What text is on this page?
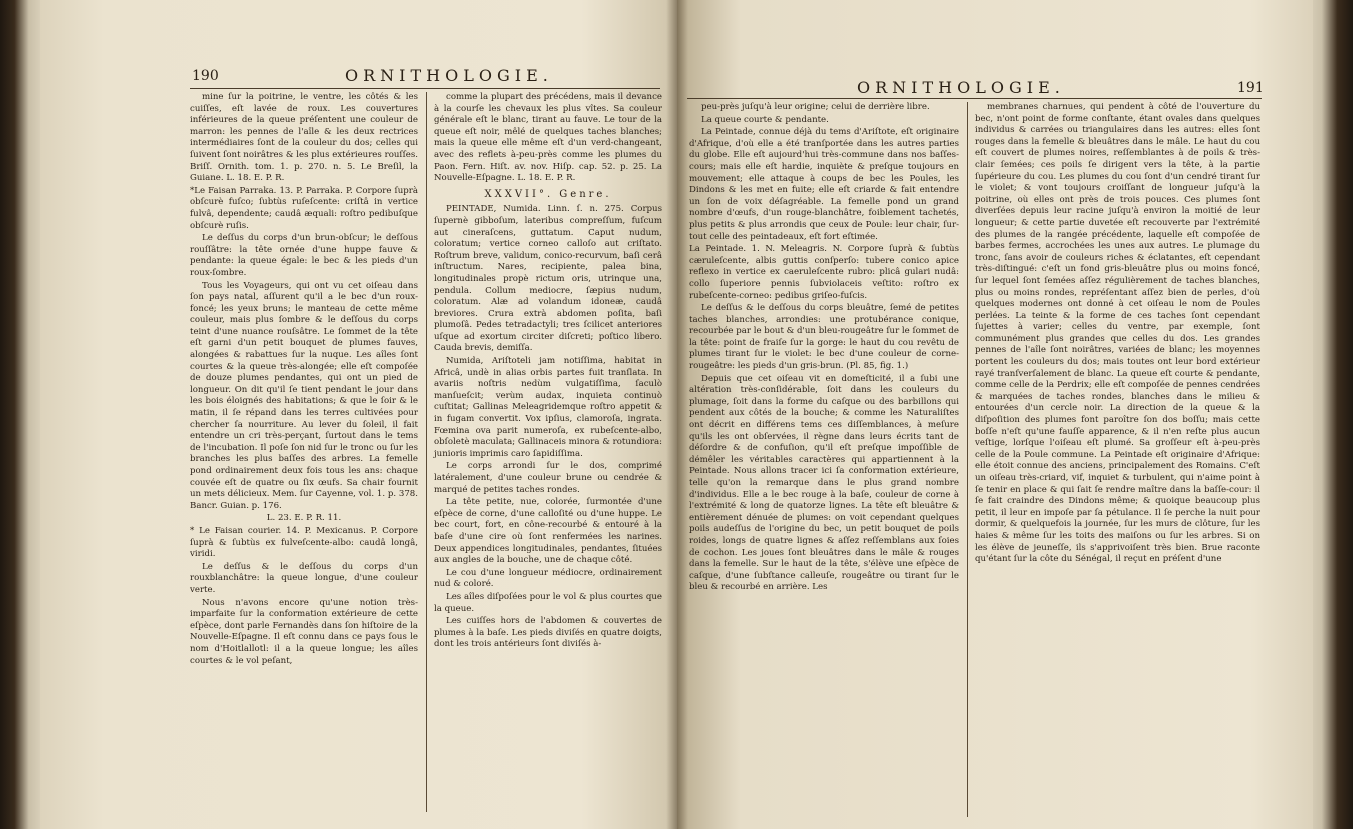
190	ORNITHOLOGIE.

mine ſur la poitrine, le ventre, les côtés & les cuiſſes, eſt lavée de roux. Les couvertures inférieures de la queue préſentent une couleur de marron: les pennes de l'aîle & les deux rectrices intermédiaires ſont de la couleur du dos; celles qui ſuivent ſont noirâtres & les plus extérieures rouſſes. Briſſ. Ornith. tom. 1. p. 270. n. 5. Le Breſil, la Guiane. L. 18. E. P. R.

*Le Faisan Parraka. 13. P. Parraka. P. Corpore ſuprà obſcurè fuſco; ſubtùs ruſeſcente: criſtâ in vertice fulvâ, dependente; caudâ æquali: roſtro pedibuſque obſcurè ruſis.

Le deſſus du corps d'un brun-obſcur; le deſſous rouſſâtre: la tête ornée d'une huppe fauve & pendante: la queue égale: le bec & les pieds d'un roux-ſombre.

Tous les Voyageurs, qui ont vu cet oiſeau dans ſon pays natal, aſſurent qu'il a le bec d'un roux-foncé; les yeux bruns; le manteau de cette même couleur, mais plus ſombre & le deſſous du corps teint d'une nuance rouſsâtre. Le ſommet de la tête eſt garni d'un petit bouquet de plumes fauves, alongées & rabattues ſur la nuque. Les aîles ſont courtes & la queue très-alongée; elle eſt compoſée de douze plumes pendantes, qui ont un pied de longueur. On dit qu'il ſe tient pendant le jour dans les bois éloignés des habitations; & que le ſoir & le matin, il ſe répand dans les terres cultivées pour chercher ſa nourriture. Au lever du ſoleil, il fait entendre un cri très-perçant, ſurtout dans le tems de l'incubation. Il poſe ſon nid ſur le tronc ou ſur les branches les plus baſſes des arbres. La femelle pond ordinairement deux fois tous les ans: chaque couvée eſt de quatre ou ſix œufs. Sa chair fournit un mets délicieux. Mem. ſur Cayenne, vol. 1. p. 378. Bancr. Guian. p. 176.

L. 23. E. P. R. 11.

* Le Faisan courier. 14. P. Mexicanus. P. Corpore ſuprà & ſubtùs ex fulveſcente-albo: caudâ longâ, viridi.

Le deſſus & le deſſous du corps d'un rouxblanchâtre: la queue longue, d'une couleur verte.

Nous n'avons encore qu'une notion très-imparfaite ſur la conformation extérieure de cette eſpèce, dont parle Fernandès dans ſon hiſtoire de la Nouvelle-Eſpagne. Il eſt connu dans ce pays ſous le nom d'Hoitlallotl: il a la queue longue; les aîles courtes & le vol peſant,

comme la plupart des précédens, mais il devance à la courſe les chevaux les plus vîtes. Sa couleur générale eſt le blanc, tirant au fauve. Le tour de la queue eſt noir, mêlé de quelques taches blanches; mais la queue elle même eſt d'un verd-changeant, avec des reflets à-peu-près comme les plumes du Paon. Fern. Hiſt. av. nov. Hiſp. cap. 52. p. 25. La Nouvelle-Eſpagne. L. 18. E. P. R.

XXXVII°. Genre.

PEINTADE, Numida. Linn. ſ. n. 275. Corpus ſupernè gibboſum, lateribus compreſſum, fuſcum aut cineraſcens, guttatum. Caput nudum, coloratum; vertice corneo calloſo aut criſtato. Roſtrum breve, validum, conico-recurvum, baſi cerâ inſtructum. Nares, recipiente, palea bina, longitudinales propè rictum oris, utrinque una, pendula. Collum mediocre, ſæpius nudum, coloratum. Alæ ad volandum idoneæ, caudâ breviores. Crura extrà abdomen poſita, baſi plumoſâ. Pedes tetradactyli; tres ſcilicet anteriores uſque ad exortum circiter diſcreti; poſtico libero. Cauda brevis, demiſſa.

Numida, Ariſtoteli jam notiſſima, habitat in Africâ, undè in alias orbis partes fuit tranſlata. In avariis noſtris nedùm vulgatiſſima, ſaculò manſueſcit; verùm audax, inquieta continuò cuſtitat; Gallinas Meleagridemque roſtro appetit & in fugam convertit. Vox ipſius, clamoroſa, ingrata. Fœmina ova parit numeroſa, ex rubeſcente-albo, obſoletè maculata; Gallinaceis minora & rotundiora: junioris imprimis caro ſapidiſſima.

Le corps arrondi ſur le dos, comprimé latéralement, d'une couleur brune ou cendrée & marqué de petites taches rondes.

La tête petite, nue, colorée, ſurmontée d'une eſpèce de corne, d'une calloſité ou d'une huppe. Le bec court, fort, en cône-recourbé & entouré à la baſe d'une cire où ſont renfermées les narines. Deux appendices longitudinales, pendantes, ſituées aux angles de la bouche, une de chaque côté.

Le cou d'une longueur médiocre, ordinairement nud & coloré.

Les aîles diſpoſées pour le vol & plus courtes que la queue.

Les cuiſſes hors de l'abdomen & couvertes de plumes à la baſe. Les pieds diviſés en quatre doigts, dont les trois antérieurs ſont diviſés à-

ORNITHOLOGIE.	191

peu-près juſqu'à leur origine; celui de derrière libre.

La queue courte & pendante.

La Peintade, connue déjà du tems d'Ariſtote, eſt originaire d'Afrique, d'où elle a été tranſportée dans les autres parties du globe. Elle eſt aujourd'hui très-commune dans nos baſſes-cours; mais elle eſt hardie, inquiète & preſque toujours en mouvement; elle attaque à coups de bec les Poules, les Dindons & les met en fuite; elle eſt criarde & fait entendre un ſon de voix déſagréable. La femelle pond un grand nombre d'œufs, d'un rouge-blanchâtre, foiblement tachetés, plus petits & plus arrondis que ceux de Poule: leur chair, ſur-tout celle des peintadeaux, eſt fort eſtimée.

La Peintade. 1. N. Meleagris. N. Corpore ſuprà & ſubtùs cæruleſcente, albis guttis conſperſo: tubere conico apice reflexo in vertice ex caeruleſcente rubro: plicâ gulari nudâ: collo ſuperiore pennis ſubviolaceis veſtito: roſtro ex rubeſcente-corneo: pedibus griſeo-fuſcis.

Le deſſus & le deſſous du corps bleuâtre, ſemé de petites taches blanches, arrondies: une protubérance conique, recourbée par le bout & d'un bleu-rougeâtre ſur le ſommet de la tête: point de fraiſe ſur la gorge: le haut du cou revêtu de plumes tirant ſur le violet: le bec d'une couleur de corne-rougeâtre: les pieds d'un gris-brun. (Pl. 85, fig. 1.)

Depuis que cet oiſeau vit en domeſticité, il a ſubi une altération très-conſidérable, ſoit dans les couleurs du plumage, ſoit dans la forme du caſque ou des barbillons qui pendent aux côtés de la bouche; & comme les Naturaliſtes ont décrit en différens tems ces diſſemblances, à meſure qu'ils les ont obſervées, il règne dans leurs écrits tant de déſordre & de confuſion, qu'il eſt preſque impoſſible de démêler les véritables caractères qui appartiennent à la Peintade. Nous allons tracer ici ſa conformation extérieure, telle qu'on la remarque dans le plus grand nombre d'individus. Elle a le bec rouge à la baſe, couleur de corne à l'extrémité & long de quatorze lignes. La tête eſt bleuâtre & entièrement dénuée de plumes: on voit cependant quelques poils audeſſus de l'origine du bec, un petit bouquet de poils roides, longs de quatre lignes & aſſez reſſemblans aux ſoies de cochon. Les joues ſont bleuâtres dans le mâle & rouges dans la femelle. Sur le haut de la tête, s'élève une eſpèce de caſque, d'une ſubſtance calleuſe, rougeâtre ou tirant ſur le bleu & recourbé en arrière. Les

membranes charnues, qui pendent à côté de l'ouverture du bec, n'ont point de forme conſtante, étant ovales dans quelques individus & carrées ou triangulaires dans les autres: elles ſont rouges dans la femelle & bleuâtres dans le mâle. Le haut du cou eſt couvert de plumes noires, reſſemblantes à de poils & très-clair ſemées; ces poils ſe dirigent vers la tête, à la partie ſupérieure du cou. Les plumes du cou ſont d'un cendré tirant ſur le violet; & vont toujours croiſſant de longueur juſqu'à la poitrine, où elles ont près de trois pouces. Ces plumes ſont diverſées depuis leur racine juſqu'à environ la moitié de leur longueur; & cette partie duvetée eſt recouverte par l'extrémité des plumes de la rangée précédente, laquelle eſt compoſée de barbes fermes, accrochées les unes aux autres. Le plumage du tronc, ſans avoir de couleurs riches & éclatantes, eſt cependant très-diſtingué: c'eſt un fond gris-bleuâtre plus ou moins foncé, ſur lequel ſont ſemées aſſez régulièrement de taches blanches, plus ou moins rondes, repréſentant aſſez bien de perles, d'où quelques modernes ont donné à cet oiſeau le nom de Poules perlées. La teinte & la forme de ces taches ſont cependant ſujettes à varier; celles du ventre, par exemple, ſont communément plus grandes que celles du dos. Les grandes pennes de l'aîle ſont noirâtres, variées de blanc; les moyennes portent les couleurs du dos; mais toutes ont leur bord extérieur rayé tranſverſalement de blanc. La queue eſt courte & pendante, comme celle de la Perdrix; elle eſt compoſée de pennes cendrées & marquées de taches rondes, blanches dans le milieu & entourées d'un cercle noir. La direction de la queue & la diſpoſition des plumes font paroître ſon dos boſſu; mais cette boſſe n'eſt qu'une fauſſe apparence, & il n'en reſte plus aucun veſtige, lorſque l'oiſeau eſt plumé. Sa groſſeur eſt à-peu-près celle de la Poule commune. La Peintade eſt originaire d'Afrique: elle étoit connue des anciens, principalement des Romains. C'eſt un oiſeau très-criard, vif, inquiet & turbulent, qui n'aime point à ſe tenir en place & qui ſait ſe rendre maître dans la baſſe-cour: il ſe fait craindre des Dindons même; & quoique beaucoup plus petit, il leur en impoſe par ſa pétulance. Il ſe perche la nuit pour dormir, & quelquefois la journée, ſur les murs de clôture, ſur les haies & même ſur les toits des maiſons ou ſur les arbres. Si on les élève de jeuneſſe, ils s'apprivoiſent très bien. Brue raconte qu'étant ſur la côte du Sénégal, il reçut en préſent d'une
